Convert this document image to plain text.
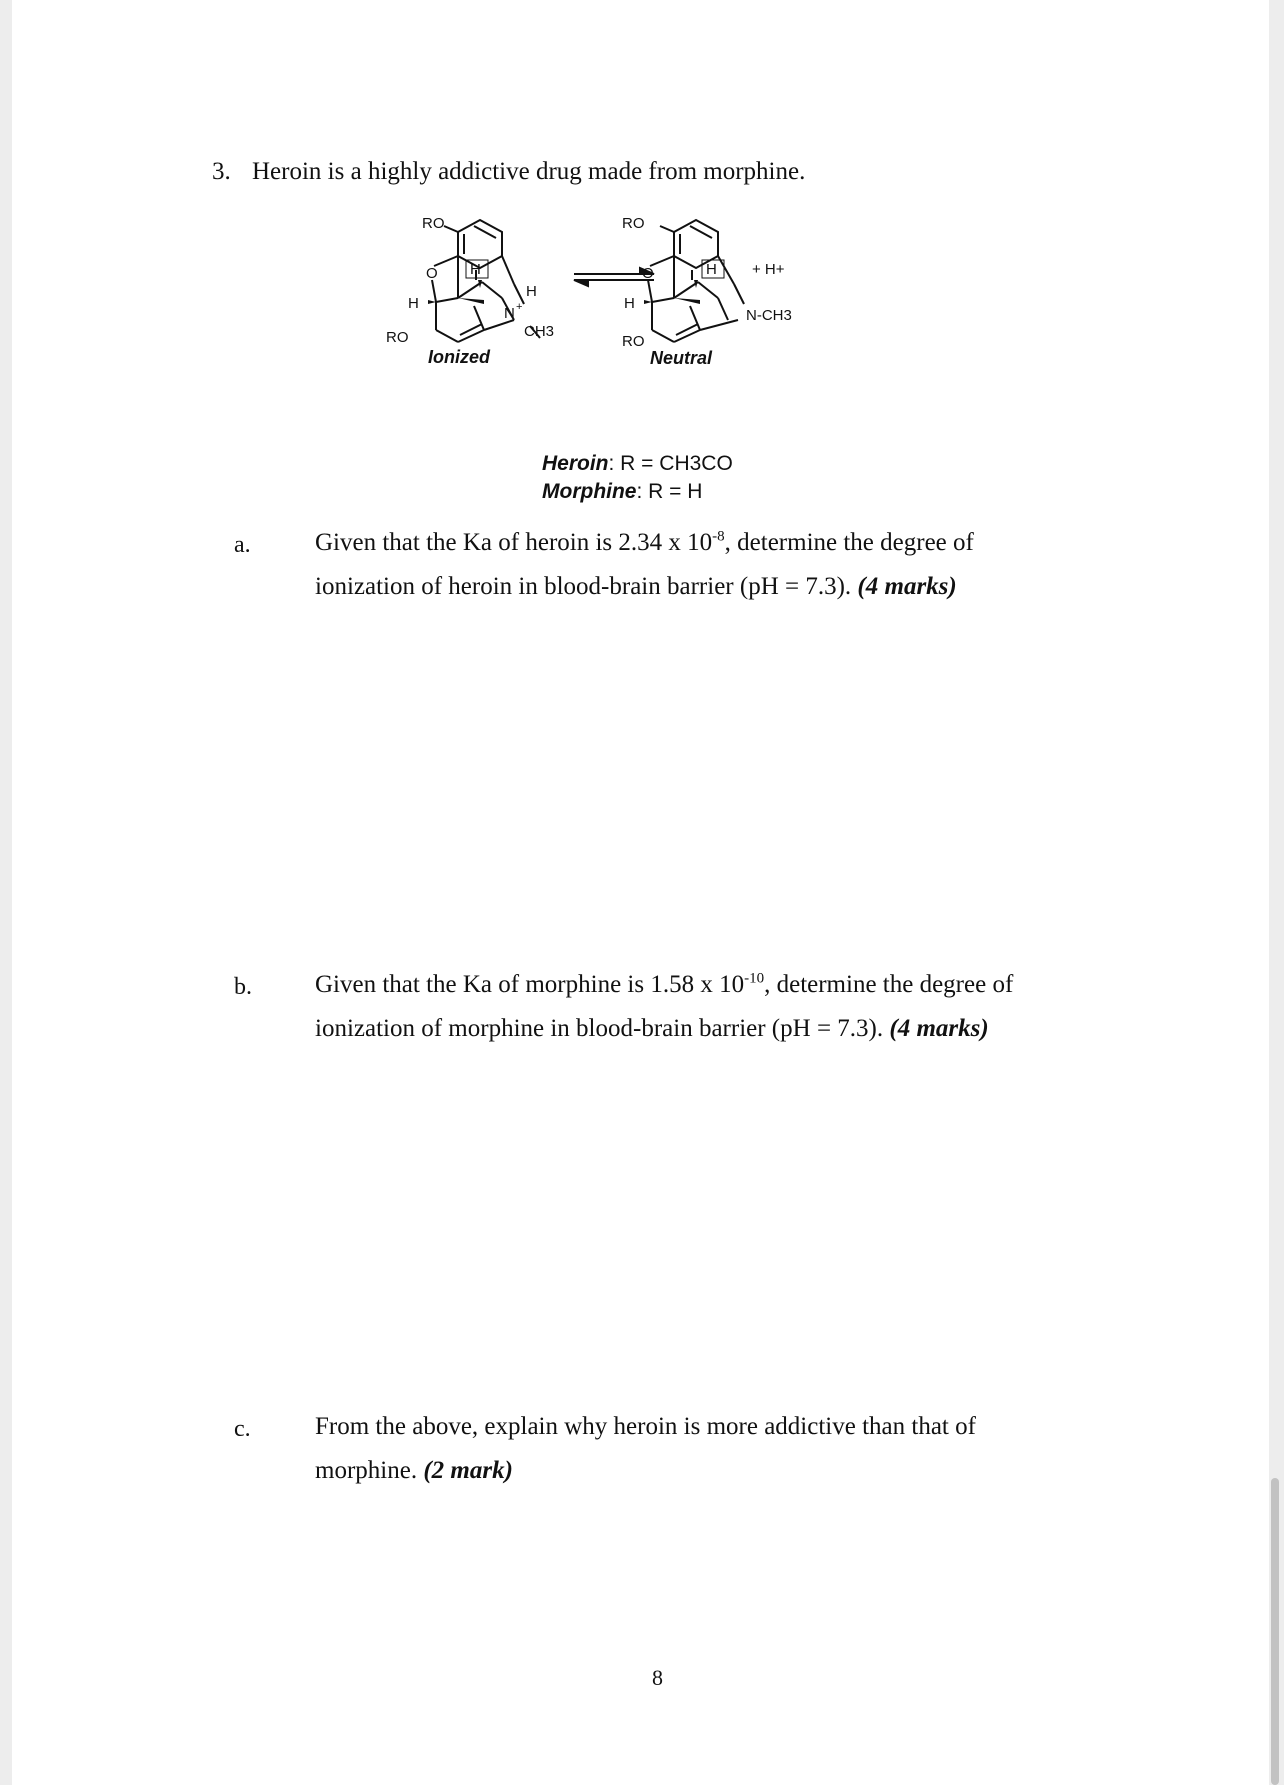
3. Heroin is a highly addictive drug made from morphine.
RO
O
H
H
RO
N +
H
CH3
Ionized
RO
O
H
H
RO
N-CH3
+ H+
Neutral
Heroin: R = CH3CO
Morphine: R = H
a.	Given that the Ka of heroin is 2.34 x $10^{-8}$, determine the degree of
ionization of heroin in blood-brain barrier (pH = 7.3). (4 marks)
b.	Given that the Ka of morphine is 1.58 x $10^{-10}$, determine the degree of
ionization of morphine in blood-brain barrier (pH = 7.3). (4 marks)
c.	From the above, explain why heroin is more addictive than that of
morphine. (2 mark)
8
